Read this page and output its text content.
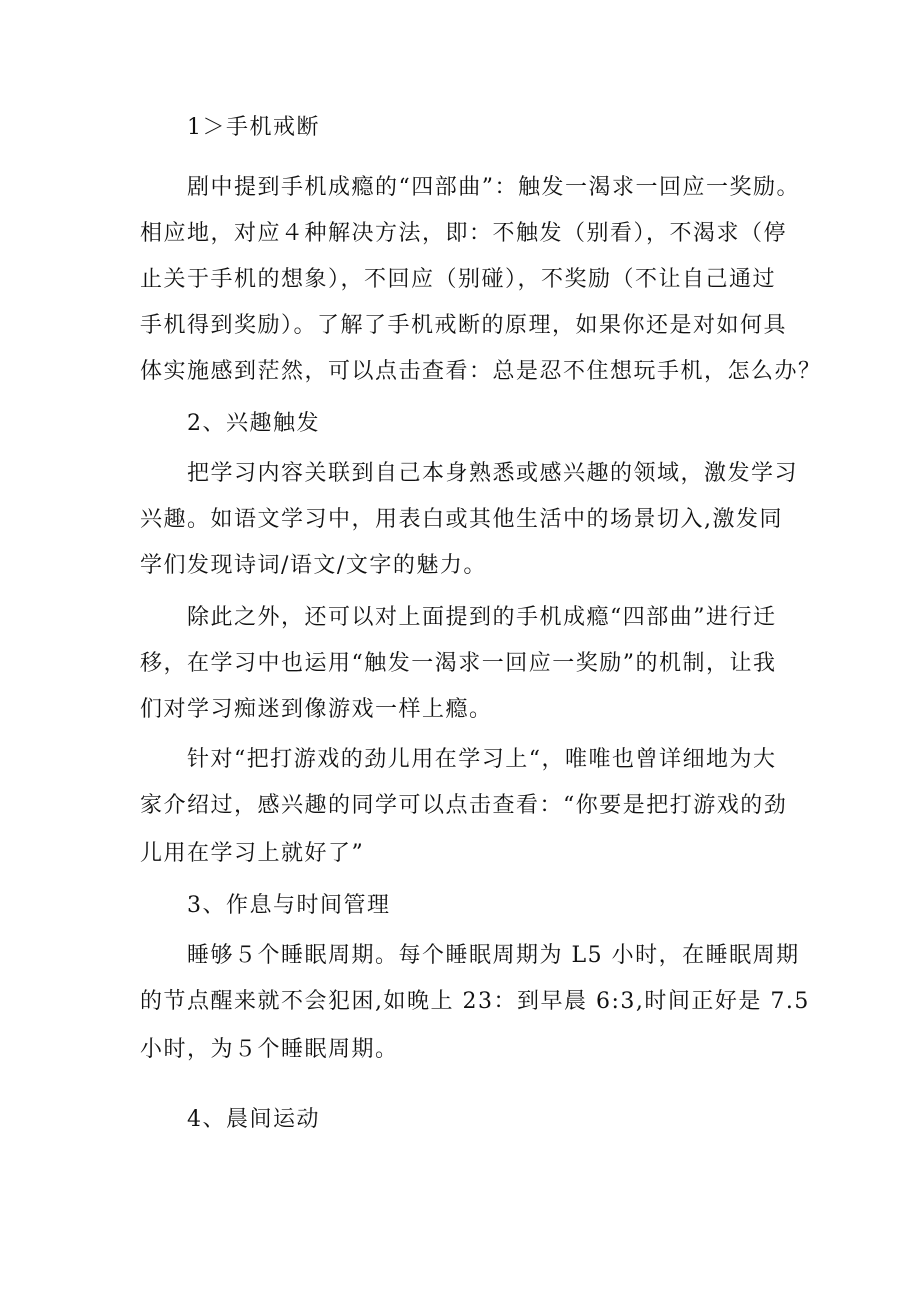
1＞手机戒断
剧中提到手机成瘾的“四部曲”：触发一渴求一回应一奖励。
相应地，对应４种解决方法，即：不触发（别看），不渴求（停
止关于手机的想象），不回应（别碰），不奖励（不让自己通过
手机得到奖励）。了解了手机戒断的原理，如果你还是对如何具
体实施感到茫然，可以点击查看：总是忍不住想玩手机，怎么办？
2、兴趣触发
把学习内容关联到自己本身熟悉或感兴趣的领域，激发学习
兴趣。如语文学习中，用表白或其他生活中的场景切入,激发同
学们发现诗词/语文/文字的魅力。
除此之外，还可以对上面提到的手机成瘾“四部曲”进行迁
移，在学习中也运用“触发一渴求一回应一奖励”的机制，让我
们对学习痴迷到像游戏一样上瘾。
针对“把打游戏的劲儿用在学习上“，唯唯也曾详细地为大
家介绍过，感兴趣的同学可以点击查看：“你要是把打游戏的劲
儿用在学习上就好了”
3、作息与时间管理
睡够５个睡眠周期。每个睡眠周期为 L5 小时，在睡眠周期
的节点醒来就不会犯困,如晚上 23：到早晨 6:3,时间正好是 7.5
小时，为５个睡眠周期。
4、晨间运动
